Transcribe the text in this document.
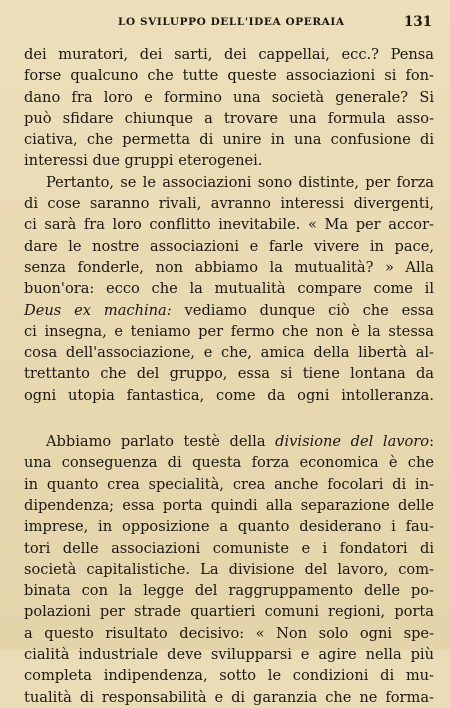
LO SVILUPPO DELL'IDEA OPERAIA	131
dei muratori, dei sarti, dei cappellai, ecc.? Pensa
forse qualcuno che tutte queste associazioni si fon-
dano fra loro e formino una società generale? Si
può sfidare chiunque a trovare una formula asso-
ciativa, che permetta di unire in una confusione di
interessi due gruppi eterogenei.
Pertanto, se le associazioni sono distinte, per forza
di cose saranno rivali, avranno interessi divergenti,
ci sarà fra loro conflitto inevitabile. « Ma per accor-
dare le nostre associazioni e farle vivere in pace,
senza fonderle, non abbiamo la mutualità? » Alla
buon'ora: ecco che la mutualità compare come il
Deus ex machina: vediamo dunque ciò che essa
ci insegna, e teniamo per fermo che non è la stessa
cosa dell'associazione, e che, amica della libertà al-
trettanto che del gruppo, essa si tiene lontana da
ogni utopia fantastica, come da ogni intolleranza.
Abbiamo parlato testè della divisione del lavoro:
una conseguenza di questa forza economica è che
in quanto crea specialità, crea anche focolari di in-
dipendenza; essa porta quindi alla separazione delle
imprese, in opposizione a quanto desiderano i fau-
tori delle associazioni comuniste e i fondatori di
società capitalistiche. La divisione del lavoro, com-
binata con la legge del raggruppamento delle po-
polazioni per strade quartieri comuni regioni, porta
a questo risultato decisivo: « Non solo ogni spe-
cialità industriale deve svilupparsi e agire nella più
completa indipendenza, sotto le condizioni di mu-
tualità di responsabilità e di garanzia che ne forma-
